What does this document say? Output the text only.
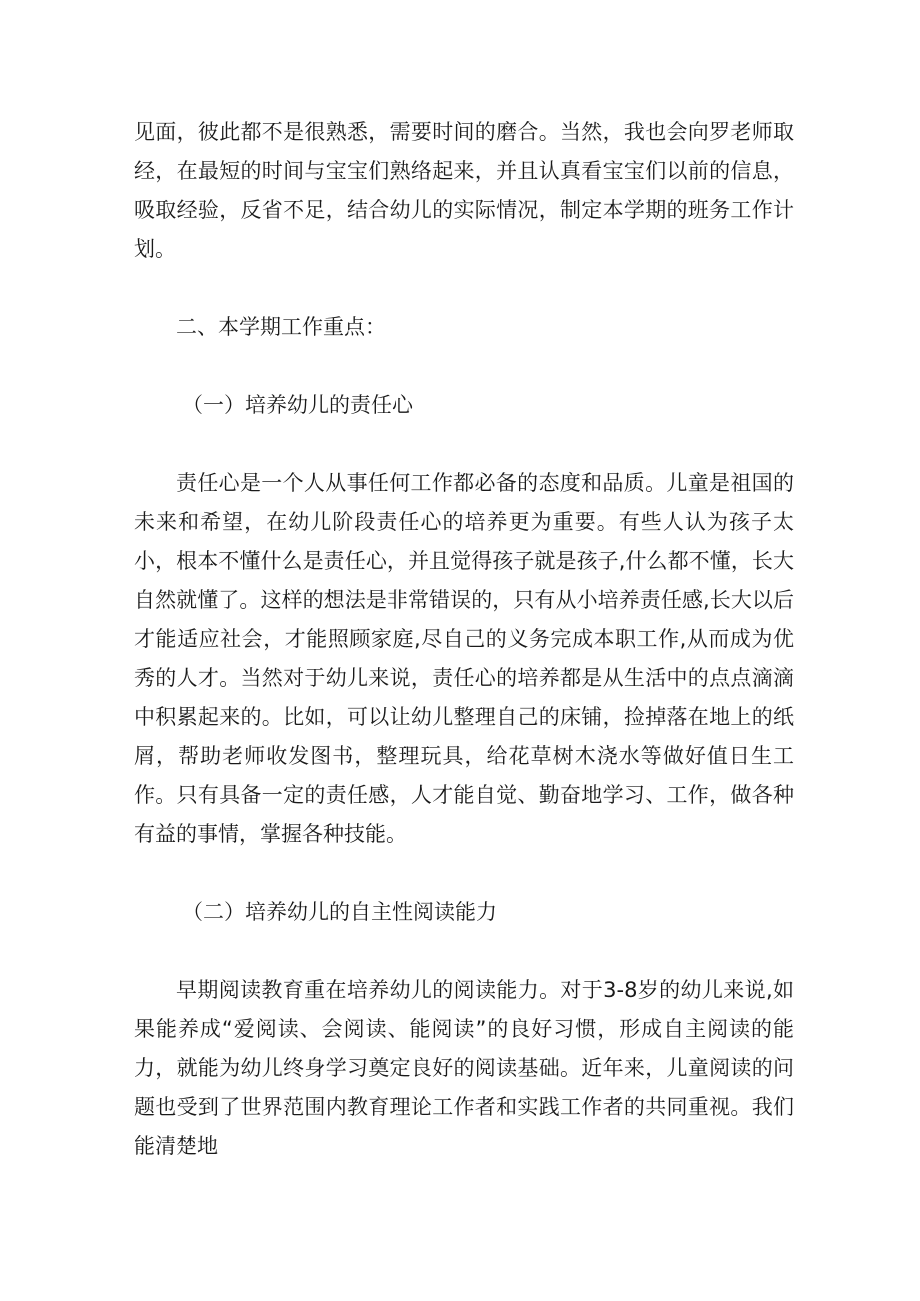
见面，彼此都不是很熟悉，需要时间的磨合。当然，我也会向罗老师取经，在最短的时间与宝宝们熟络起来，并且认真看宝宝们以前的信息，吸取经验，反省不足，结合幼儿的实际情况，制定本学期的班务工作计划。

二、本学期工作重点：

（一）培养幼儿的责任心

责任心是一个人从事任何工作都必备的态度和品质。儿童是祖国的未来和希望，在幼儿阶段责任心的培养更为重要。有些人认为孩子太小，根本不懂什么是责任心，并且觉得孩子就是孩子,什么都不懂，长大自然就懂了。这样的想法是非常错误的，只有从小培养责任感,长大以后才能适应社会，才能照顾家庭,尽自己的义务完成本职工作,从而成为优秀的人才。当然对于幼儿来说，责任心的培养都是从生活中的点点滴滴中积累起来的。比如，可以让幼儿整理自己的床铺，捡掉落在地上的纸屑，帮助老师收发图书，整理玩具，给花草树木浇水等做好值日生工作。只有具备一定的责任感，人才能自觉、勤奋地学习、工作，做各种有益的事情，掌握各种技能。

（二）培养幼儿的自主性阅读能力

早期阅读教育重在培养幼儿的阅读能力。对于3-8岁的幼儿来说,如果能养成“爱阅读、会阅读、能阅读”的良好习惯，形成自主阅读的能力，就能为幼儿终身学习奠定良好的阅读基础。近年来，儿童阅读的问题也受到了世界范围内教育理论工作者和实践工作者的共同重视。我们能清楚地
